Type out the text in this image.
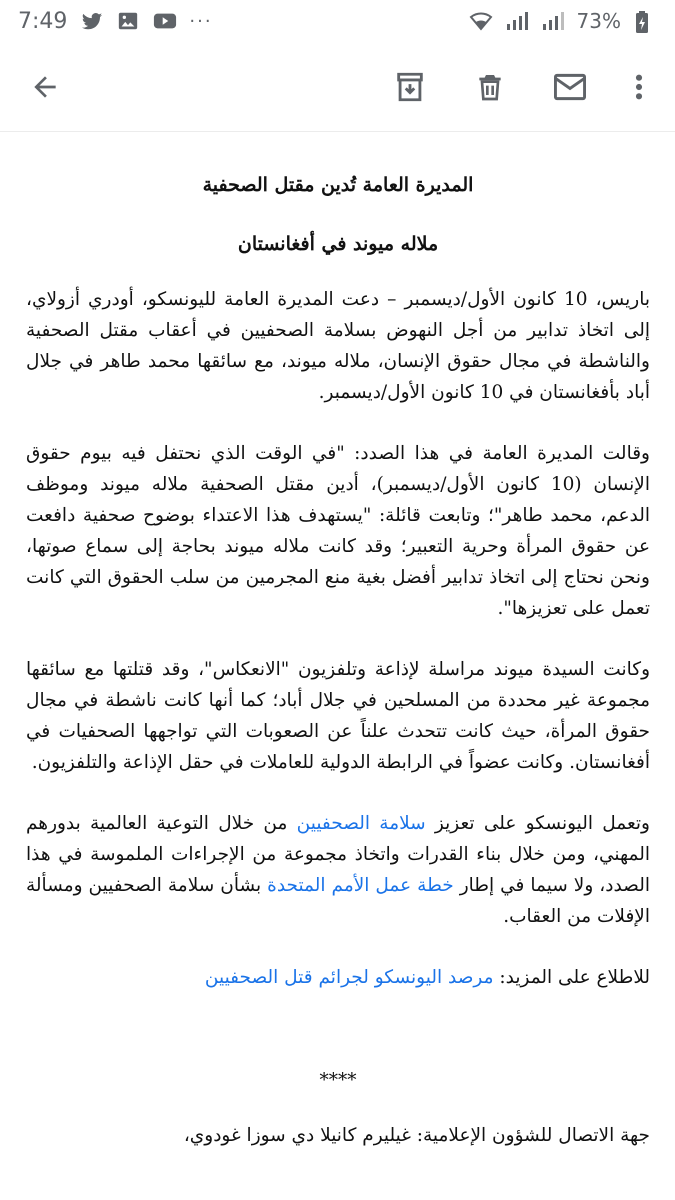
7:49	···	73%

المديرة العامة تُدين مقتل الصحفية

ملاله ميوند في أفغانستان

باريس، 10 كانون الأول/ديسمبر – دعت المديرة العامة لليونسكو، أودري أزولاي، إلى اتخاذ تدابير من أجل النهوض بسلامة الصحفيين في أعقاب مقتل الصحفية والناشطة في مجال حقوق الإنسان، ملاله ميوند، مع سائقها محمد طاهر في جلال أباد بأفغانستان في 10 كانون الأول/ديسمبر.

وقالت المديرة العامة في هذا الصدد: "في الوقت الذي نحتفل فيه بيوم حقوق الإنسان (10 كانون الأول/ديسمبر)، أدين مقتل الصحفية ملاله ميوند وموظف الدعم، محمد طاهر"؛ وتابعت قائلة: "يستهدف هذا الاعتداء بوضوح صحفية دافعت عن حقوق المرأة وحرية التعبير؛ وقد كانت ملاله ميوند بحاجة إلى سماع صوتها، ونحن نحتاج إلى اتخاذ تدابير أفضل بغية منع المجرمين من سلب الحقوق التي كانت تعمل على تعزيزها".

وكانت السيدة ميوند مراسلة لإذاعة وتلفزيون "الانعكاس"، وقد قتلتها مع سائقها مجموعة غير محددة من المسلحين في جلال أباد؛ كما أنها كانت ناشطة في مجال حقوق المرأة، حيث كانت تتحدث علناً عن الصعوبات التي تواجهها الصحفيات في أفغانستان. وكانت عضواً في الرابطة الدولية للعاملات في حقل الإذاعة والتلفزيون.

وتعمل اليونسكو على تعزيز سلامة الصحفيين من خلال التوعية العالمية بدورهم المهني، ومن خلال بناء القدرات واتخاذ مجموعة من الإجراءات الملموسة في هذا الصدد، ولا سيما في إطار خطة عمل الأمم المتحدة بشأن سلامة الصحفيين ومسألة الإفلات من العقاب.

للاطلاع على المزيد: مرصد اليونسكو لجرائم قتل الصحفيين

****

جهة الاتصال للشؤون الإعلامية: غيليرم كانيلا دي سوزا غودوي،
